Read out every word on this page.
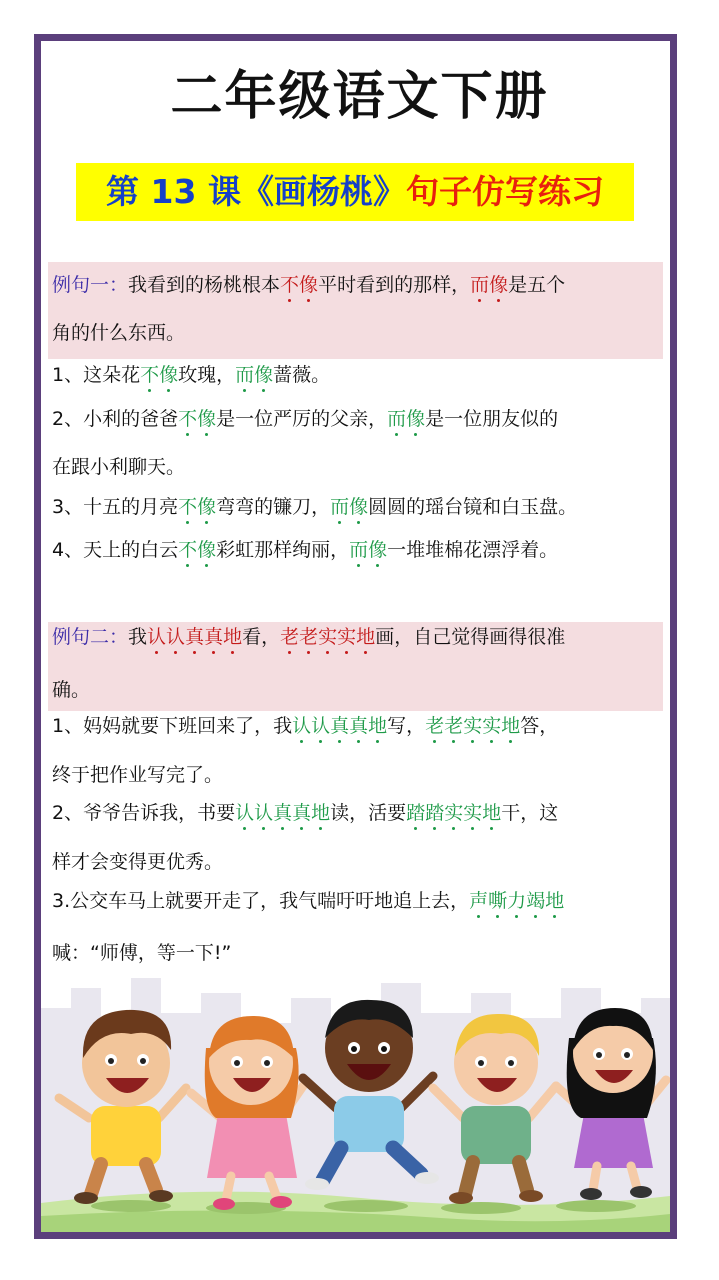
二年级语文下册
第 13 课《画杨桃》句子仿写练习
例句一：我看到的杨桃根本不像平时看到的那样，而像是五个
角的什么东西。
1、这朵花不像玫瑰，而像蔷薇。
2、小利的爸爸不像是一位严厉的父亲，而像是一位朋友似的
在跟小利聊天。
3、十五的月亮不像弯弯的镰刀，而像圆圆的瑶台镜和白玉盘。
4、天上的白云不像彩虹那样绚丽，而像一堆堆棉花漂浮着。
例句二：我认认真真地看，老老实实地画，自己觉得画得很准
确。
1、妈妈就要下班回来了，我认认真真地写，老老实实地答，
终于把作业写完了。
2、爷爷告诉我，书要认认真真地读，活要踏踏实实地干，这
样才会变得更优秀。
3.公交车马上就要开走了，我气喘吁吁地追上去，声嘶力竭地
喊：“师傅，等一下!”
